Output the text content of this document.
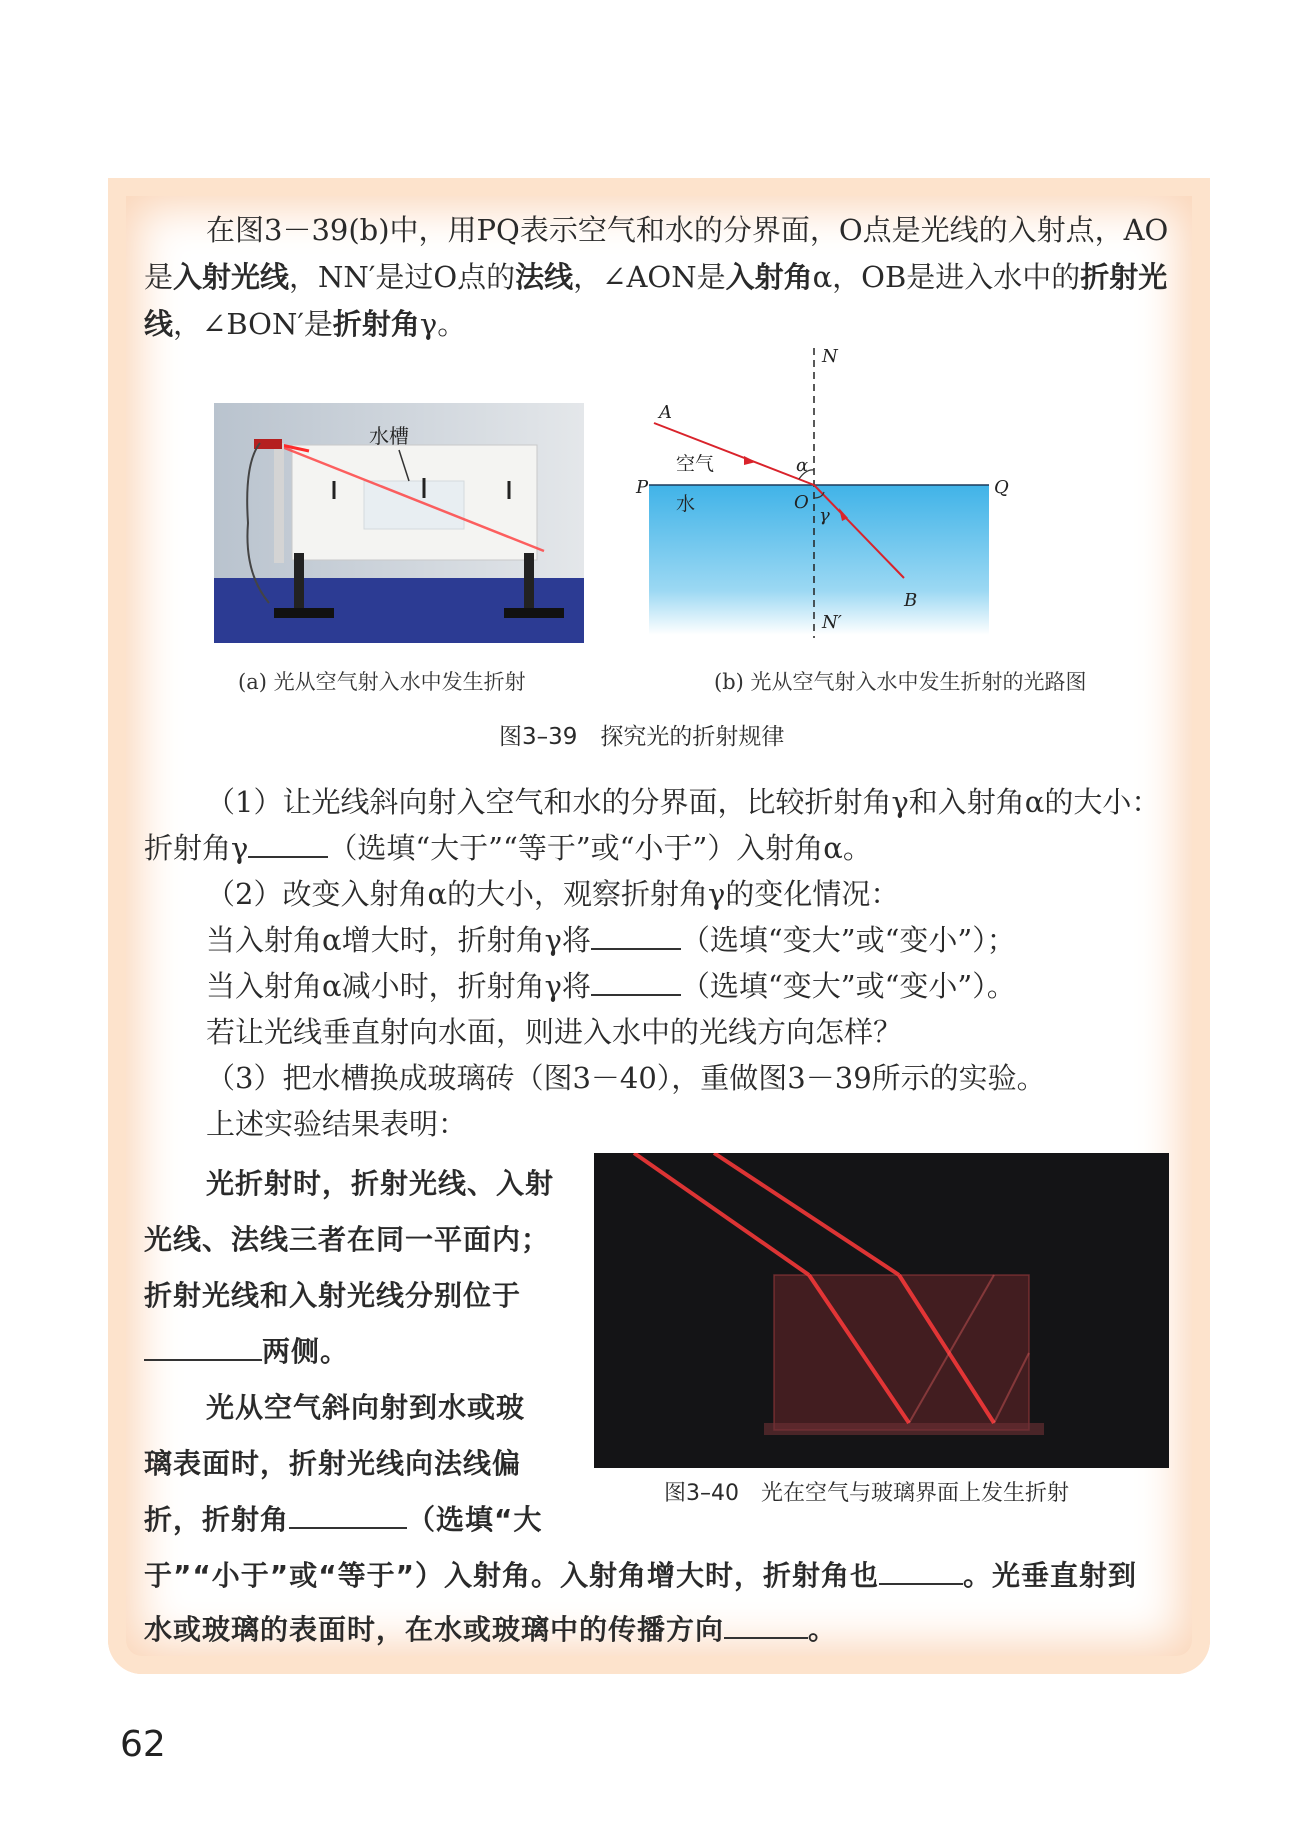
在图3－39(b)中，用PQ表示空气和水的分界面，O点是光线的入射点，AO
是入射光线，NN′是过O点的法线，∠AON是入射角α，OB是进入水中的折射光
线，∠BON′是折射角γ。
水槽
N
N′
A
B
O
P	Q
α
γ
空气
水
(a) 光从空气射入水中发生折射	(b) 光从空气射入水中发生折射的光路图
图3–39　探究光的折射规律
（1）让光线斜向射入空气和水的分界面，比较折射角γ和入射角α的大小：
折射角γ	（选填“大于”“等于”或“小于”）入射角α。
（2）改变入射角α的大小，观察折射角γ的变化情况：
当入射角α增大时，折射角γ将	（选填“变大”或“变小”）；
当入射角α减小时，折射角γ将	（选填“变大”或“变小”）。
若让光线垂直射向水面，则进入水中的光线方向怎样？
（3）把水槽换成玻璃砖（图3－40），重做图3－39所示的实验。
上述实验结果表明：
光折射时，折射光线、入射
光线、法线三者在同一平面内；
折射光线和入射光线分别位于
两侧。
光从空气斜向射到水或玻
璃表面时，折射光线向法线偏
折，折射角	（选填“大
于”“小于”或“等于”）入射角。入射角增大时，折射角也	。光垂直射到
水或玻璃的表面时，在水或玻璃中的传播方向	。
图3–40　光在空气与玻璃界面上发生折射
62
